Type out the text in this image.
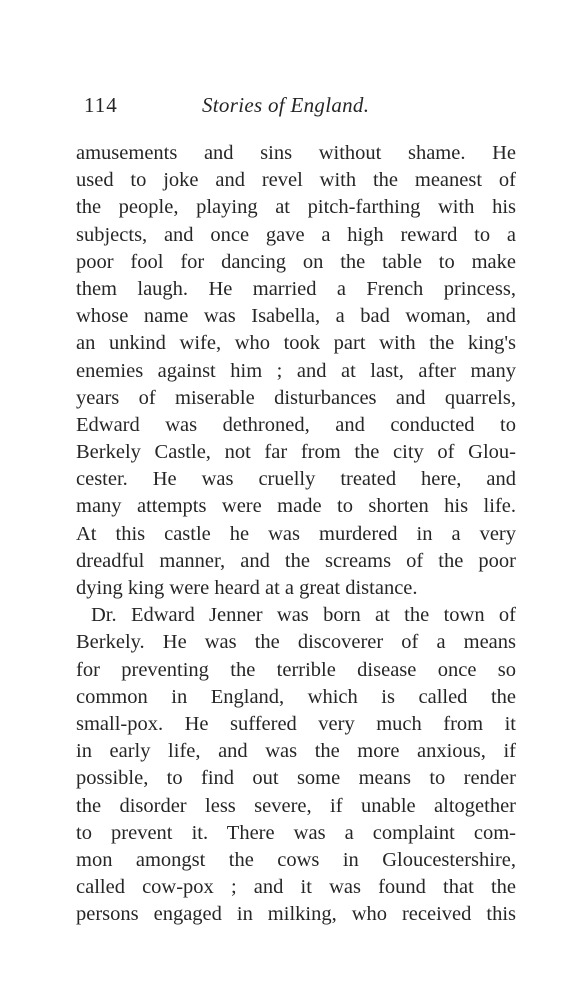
114	Stories of England.
amusements and sins without shame. He
used to joke and revel with the meanest of
the people, playing at pitch-farthing with his
subjects, and once gave a high reward to a
poor fool for dancing on the table to make
them laugh. He married a French princess,
whose name was Isabella, a bad woman, and
an unkind wife, who took part with the king's
enemies against him ; and at last, after many
years of miserable disturbances and quarrels,
Edward was dethroned, and conducted to
Berkely Castle, not far from the city of Glou-
cester. He was cruelly treated here, and
many attempts were made to shorten his life.
At this castle he was murdered in a very
dreadful manner, and the screams of the poor
dying king were heard at a great distance.
Dr. Edward Jenner was born at the town of
Berkely. He was the discoverer of a means
for preventing the terrible disease once so
common in England, which is called the
small-pox. He suffered very much from it
in early life, and was the more anxious, if
possible, to find out some means to render
the disorder less severe, if unable altogether
to prevent it. There was a complaint com-
mon amongst the cows in Gloucestershire,
called cow-pox ; and it was found that the
persons engaged in milking, who received this
